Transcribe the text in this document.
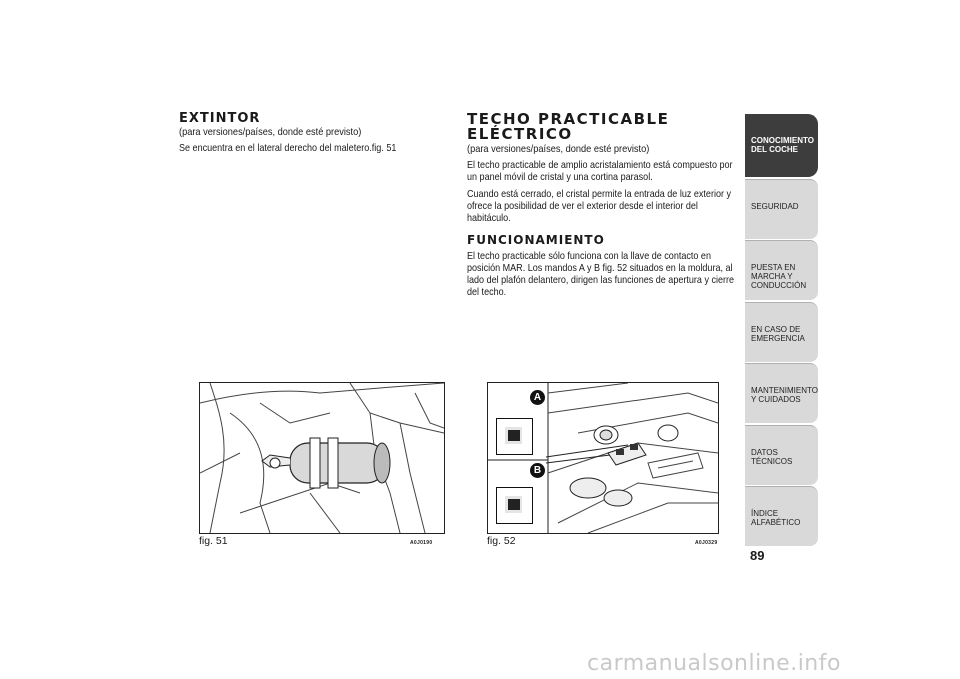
EXTINTOR
(para versiones/países, donde esté previsto)

Se encuentra en el lateral derecho del maletero.fig. 51

TECHO PRACTICABLE ELÉCTRICO
(para versiones/países, donde esté previsto)

El techo practicable de amplio acristalamiento está compuesto por un panel móvil de cristal y una cortina parasol.

Cuando está cerrado, el cristal permite la entrada de luz exterior y ofrece la posibilidad de ver el exterior desde el interior del habitáculo.

FUNCIONAMIENTO

El techo practicable sólo funciona con la llave de contacto en posición MAR. Los mandos A y B fig. 52 situados en la moldura, al lado del plafón delantero, dirigen las funciones de apertura y cierre del techo.

fig. 51	A0J0190
A
B
fig. 52	A0J0329
CONOCIMIENTO DEL COCHE
SEGURIDAD
PUESTA EN MARCHA Y CONDUCCIÓN
EN CASO DE EMERGENCIA
MANTENIMIENTO Y CUIDADOS
DATOS TÉCNICOS
ÍNDICE ALFABÉTICO
89
carmanualsonline.info
